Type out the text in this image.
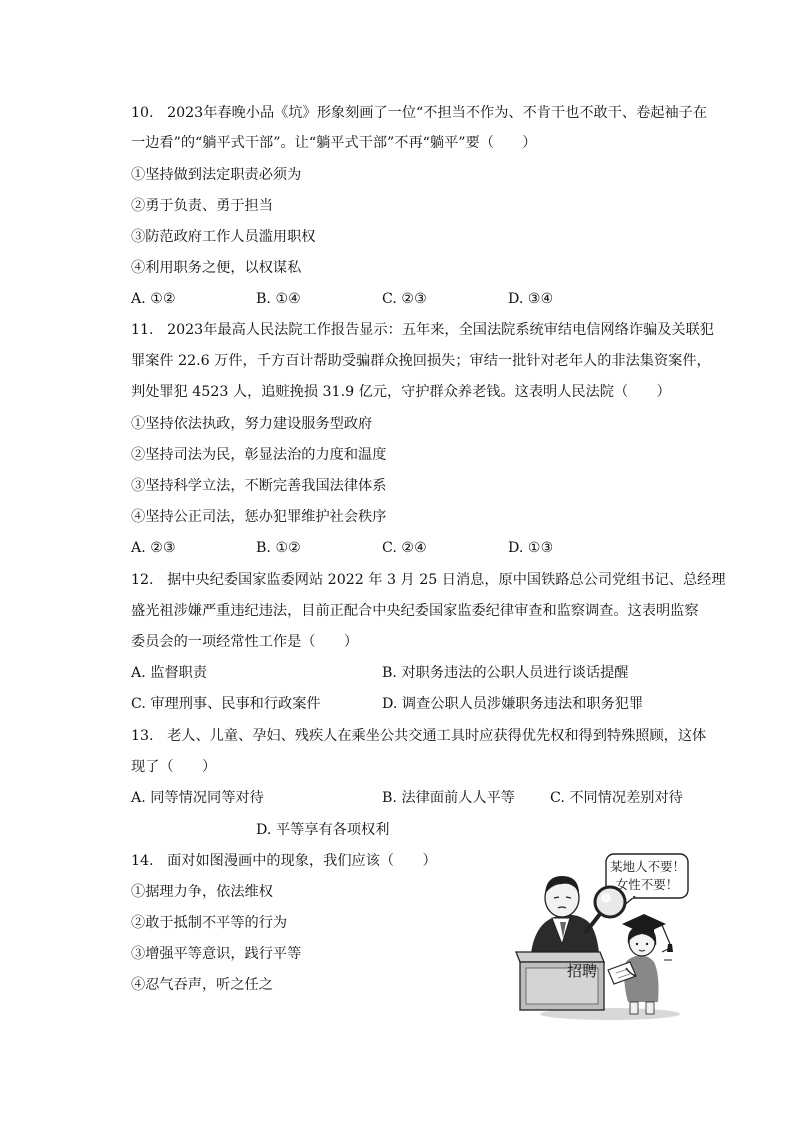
10.   2023年春晚小品《坑》形象刻画了一位“不担当不作为、不肯干也不敢干、卷起袖子在
一边看”的“躺平式干部”。让“躺平式干部”不再“躺平”要（　　）
①坚持做到法定职责必须为
②勇于负责、勇于担当
③防范政府工作人员滥用职权
④利用职务之便，以权谋私
A. ①②	B. ①④	C. ②③	D. ③④
11.   2023年最高人民法院工作报告显示：五年来，全国法院系统审结电信网络诈骗及关联犯
罪案件 22.6 万件，千方百计帮助受骗群众挽回损失；审结一批针对老年人的非法集资案件，
判处罪犯 4523 人，追赃挽损 31.9 亿元，守护群众养老钱。这表明人民法院（　　）
①坚持依法执政，努力建设服务型政府
②坚持司法为民，彰显法治的力度和温度
③坚持科学立法，不断完善我国法律体系
④坚持公正司法，惩办犯罪维护社会秩序
A. ②③	B. ①②	C. ②④	D. ①③
12.   据中央纪委国家监委网站 2022 年 3 月 25 日消息，原中国铁路总公司党组书记、总经理
盛光祖涉嫌严重违纪违法，目前正配合中央纪委国家监委纪律审查和监察调查。这表明监察
委员会的一项经常性工作是（　　）
A. 监督职责	B. 对职务违法的公职人员进行谈话提醒
C. 审理刑事、民事和行政案件	D. 调查公职人员涉嫌职务违法和职务犯罪
13.   老人、儿童、孕妇、残疾人在乘坐公共交通工具时应获得优先权和得到特殊照顾，这体
现了（　　）
A. 同等情况同等对待	B. 法律面前人人平等 C. 不同情况差别对待
D. 平等享有各项权利
14.   面对如图漫画中的现象，我们应该（　　）
①据理力争，依法维权
②敢于抵制不平等的行为
③增强平等意识，践行平等
④忍气吞声，听之任之
某地人不要！
女性不要！
招聘
